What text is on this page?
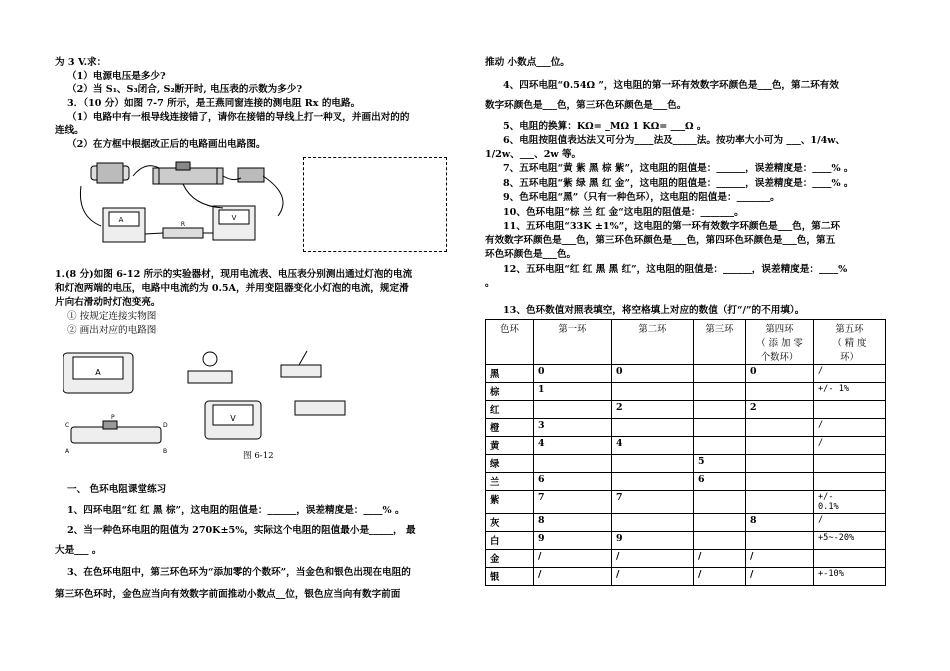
为 3 V.求：
（1）电源电压是多少?
（2）当 S₁、S₃闭合, S₂断开时, 电压表的示数为多少?
3．（10 分）如图 7-7 所示，是王燕同窗连接的测电阻 Rx 的电路。
（1）电路中有一根导线连接错了，请你在接错的导线上打一种叉，并画出对的的
连线。
（2）在方框中根据改正后的电路画出电路图。
A	V
R
1.(8 分)如图 6-12 所示的实验器材，现用电流表、电压表分别测出通过灯泡的电流
和灯泡两端的电压，电路中电流约为 0.5A，并用变阻器变化小灯泡的电流，规定滑
片向右滑动时灯泡变亮。
① 按规定连接实物图
② 画出对应的电路图
A
V
P
C	D
A	B	图 6-12
一、 色环电阻课堂练习
1、四环电阻“红 红 黑 棕”，这电阻的阻值是：______，误差精度是：____% 。
2、当一种色环电阻的阻值为 270K±5%，实际这个电阻的阻值最小是_____， 最
大是___ 。
3、在色环电阻中，第三环色环为“添加零的个数环”，当金色和银色出现在电阻的
第三环色环时，金色应当向有效数字前面推动小数点__位，银色应当向有数字前面
推动 小数点___位。
4、四环电阻“0.54Ω ”，这电阻的第一环有效数字环颜色是___色，第二环有效
数字环颜色是___色，第三环色环颜色是___色。
5、电阻的换算：KΩ= _MΩ 1 KΩ= ___Ω 。
6、电阻按阻值表达法又可分为____法及_____法。按功率大小可为 ___、1/4w、
1/2w、___、2w 等。
7、五环电阻“黄 紫 黑 棕 紫”，这电阻的阻值是：______，误差精度是：____% 。
8、五环电阻“紫 绿 黑 红 金”，这电阻的阻值是：______，误差精度是：____% 。
9、色环电阻“黑”（只有一种色环），这电阻的阻值是：_______。
10、色环电阻“棕 兰 红 金“这电阻的阻值是：_______。
11、五环电阻“33K ±1%”，这电阻的第一环有效数字环颜色是___色，第二环
有效数字环颜色是___色，第三环色环颜色是___色，第四环色环颜色是___色，第五
环色环颜色是___色。
12、五环电阻“红 红 黑 黑 红”，这电阻的阻值是：______，误差精度是：____%
。
13、色环数值对照表填空，将空格填上对应的数值（打“/”的不用填）。
色环	第一环	第二环	第三环	第四环
（ 添 加 零
个数环）	第五环
（ 精 度
环）
黑	0	0		0	/
棕	1				+/- 1%
红		2		2	
橙	3				/
黄	4	4			/
绿			5		
兰	6		6		
紫	7	7			+/-
0.1%
灰	8			8	/
白	9	9			+5~-20%
金	/	/	/	/	
银	/	/	/	/	+-10%
